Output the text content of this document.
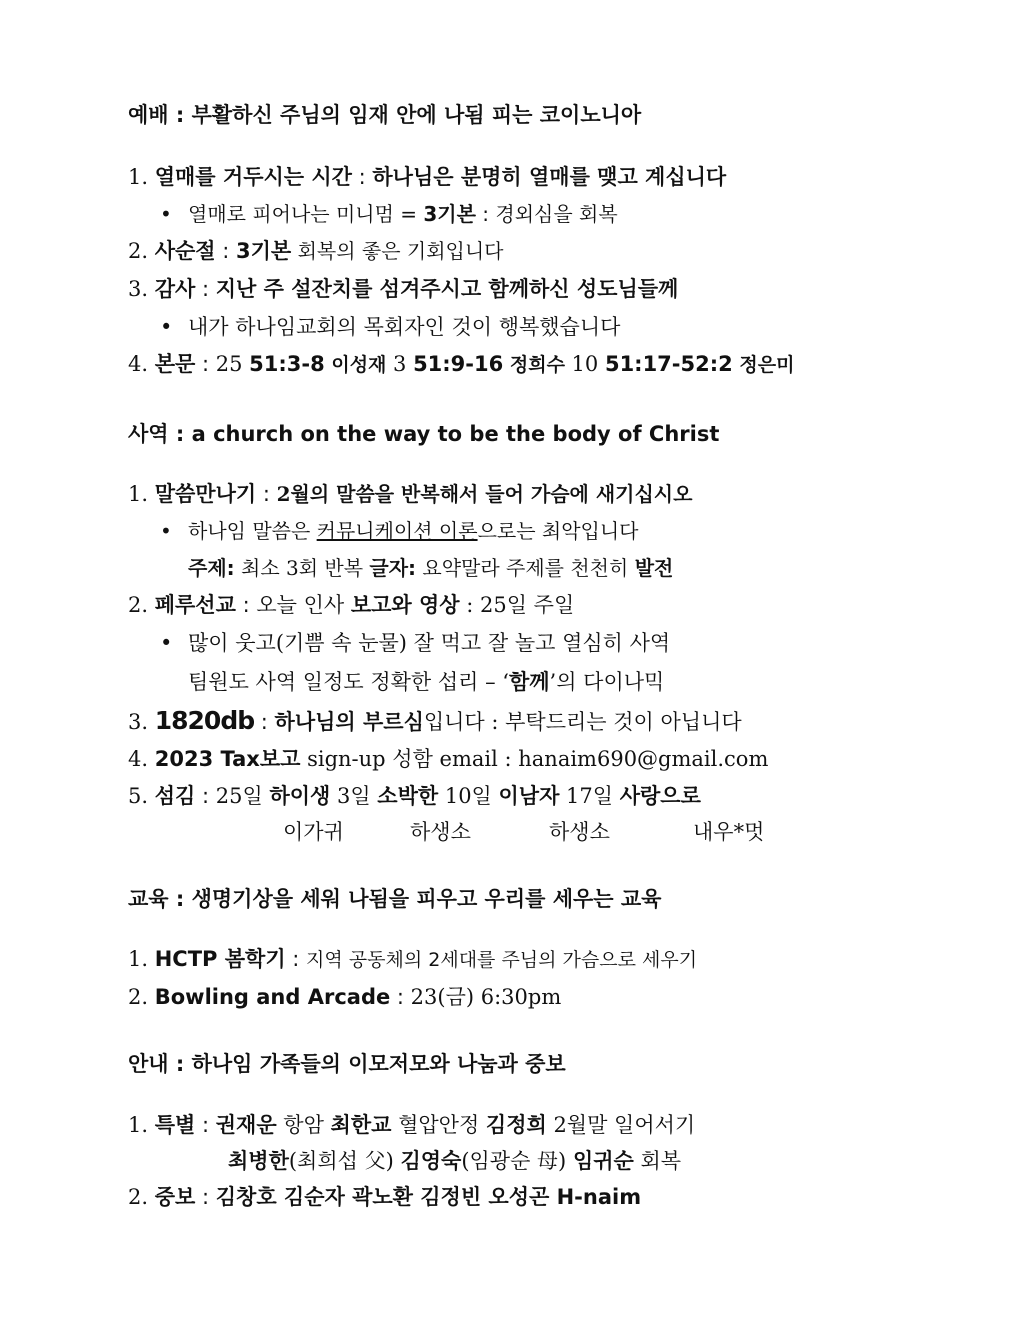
예배 : 부활하신 주님의 임재 안에 나됨 피는 코이노니아
1. 열매를 거두시는 시간 : 하나님은 분명히 열매를 맺고 계십니다
• 열매로 피어나는 미니멈 = 3기본 : 경외심을 회복
2. 사순절 : 3기본 회복의 좋은 기회입니다
3. 감사 : 지난 주 설잔치를 섬겨주시고 함께하신 성도님들께
• 내가 하나임교회의 목회자인 것이 행복했습니다
4. 본문 : 25 51:3-8 이성재 3 51:9-16 정희수 10 51:17-52:2 정은미
사역 : a church on the way to be the body of Christ
1. 말씀만나기 : 2월의 말씀을 반복해서 들어 가슴에 새기십시오
• 하나임 말씀은 커뮤니케이션 이론으로는 최악입니다
주제: 최소 3회 반복 글자: 요약말라 주제를 천천히 발전
2. 페루선교 : 오늘 인사 보고와 영상 : 25일 주일
• 많이 웃고(기쁨 속 눈물) 잘 먹고 잘 놀고 열심히 사역
팀원도 사역 일정도 정확한 섭리 – ‘함께’의 다이나믹
3. 1820db : 하나님의 부르심입니다 : 부탁드리는 것이 아닙니다
4. 2023 Tax보고 sign-up 성함 email : hanaim690@gmail.com
5. 섬김 : 25일 하이생 3일 소박한 10일 이남자 17일 사랑으로
이가귀	하생소	하생소	내우*멋
교육 : 생명기상을 세워 나됨을 피우고 우리를 세우는 교육
1. HCTP 봄학기 : 지역 공동체의 2세대를 주님의 가슴으로 세우기
2. Bowling and Arcade : 23(금) 6:30pm
안내 : 하나임 가족들의 이모저모와 나눔과 중보
1. 특별 : 권재운 항암 최한교 혈압안정 김정희 2월말 일어서기
최병한(최희섭 父) 김영숙(임광순 母) 임귀순 회복
2. 중보 : 김창호 김순자 곽노환 김정빈 오성곤 H-naim
